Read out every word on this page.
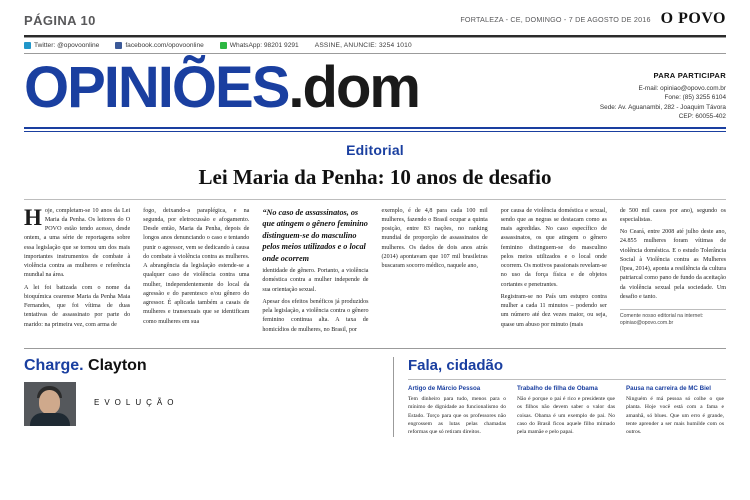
PÁGINA 10	FORTALEZA - CE, DOMINGO - 7 DE AGOSTO DE 2016 O POVO
Twitter: @opovoonline	facebook.com/opovoonline	WhatsApp: 98201 9291 ASSINE, ANUNCIE: 3254 1010
OPINIÕES.dom	PARA PARTICIPAR
E-mail: opiniao@opovo.com.br
Fone: (85) 3255 6104
Sede: Av. Aguanambi, 282 - Joaquim Távora
CEP: 60055-402
Editorial
Lei Maria da Penha: 10 anos de desafio

Hoje, completam-se 10 anos da Lei Maria da Penha. Os leitores do O POVO estão tendo acesso, desde ontem, a uma série de reportagens sobre essa legislação que se tornou um dos mais importantes instrumentos de combate à violência contra as mulheres e referência mundial na área.

A lei foi batizada com o nome da bioquímica cearense Maria da Penha Maia Fernandes, que foi vítima de duas tentativas de assassinato por parte do marido: na primeira vez, com arma de

fogo, deixando-a paraplégica, e na segunda, por eletrocussão e afogamento. Desde então, Maria da Penha, depois de longos anos denunciando o caso e tentando punir o agressor, vem se dedicando à causa do combate à violência contra as mulheres. A abrangência da legislação estende-se a qualquer caso de violência contra uma mulher, independentemente do local da agressão e do parentesco e/ou gênero do agressor. É aplicada também a casais de mulheres e transexuais que se identificam como mulheres em sua

“No caso de assassinatos, os que atingem o gênero feminino distinguem-se do masculino pelos meios utilizados e o local onde ocorrem

identidade de gênero. Portanto, a violência doméstica contra a mulher independe de sua orientação sexual.

Apesar dos efeitos benéficos já produzidos pela legislação, a violência contra o gênero feminino continua alta. A taxa de homicídios de mulheres, no Brasil, por

exemplo, é de 4,8 para cada 100 mil mulheres, fazendo o Brasil ocupar a quinta posição, entre 83 nações, no ranking mundial de proporção de assassinatos de mulheres. Os dados de dois anos atrás (2014) apontavam que 107 mil brasileiras buscaram socorro médico, naquele ano,

por causa de violência doméstica e sexual, sendo que as negras se destacam como as mais agredidas. No caso específico de assassinatos, os que atingem o gênero feminino distinguem-se do masculino pelos meios utilizados e o local onde ocorrem. Os motivos passionais revelam-se no uso da força física e de objetos cortantes e penetrantes.

Registram-se no País um estupro contra mulher a cada 11 minutos – podendo ser um número até dez vezes maior, ou seja, quase um abuso por minuto (mais

de 500 mil casos por ano), segundo os especialistas.

No Ceará, entre 2008 até julho deste ano, 24.855 mulheres foram vítimas de violência doméstica. E o estudo Tolerância Social à Violência contra as Mulheres (Ipea, 2014), aponta a resiliência da cultura patriarcal como pano de fundo da aceitação da violência sexual pela sociedade. Um desafio e tanto.

Comente nosso editorial na internet:
opiniao@opovo.com.br
Charge. Clayton
EVOLUÇÃO
Fala, cidadão
Artigo de Márcio Pessoa

Tem dinheiro para tudo, menos para o mínimo de dignidade ao funcionalismo do Estado. Torço para que os professores não engrossem as lutas pelas chamadas reformas que só retiram direitos.

Trabalho de filha de Obama

Não é porque o pai é rico e presidente que os filhos não devem saber o valor das coisas. Obama é um exemplo de pai. No caso do Brasil ficou aquele filho mimado pela mamãe e pelo papai.

Pausa na carreira de MC Biel

Ninguém é má pessoa só colhe o que planta. Hoje você está com a fama e amanhã, só blues. Que um erro é grande, tente aprender a ser mais humilde com os outros.
